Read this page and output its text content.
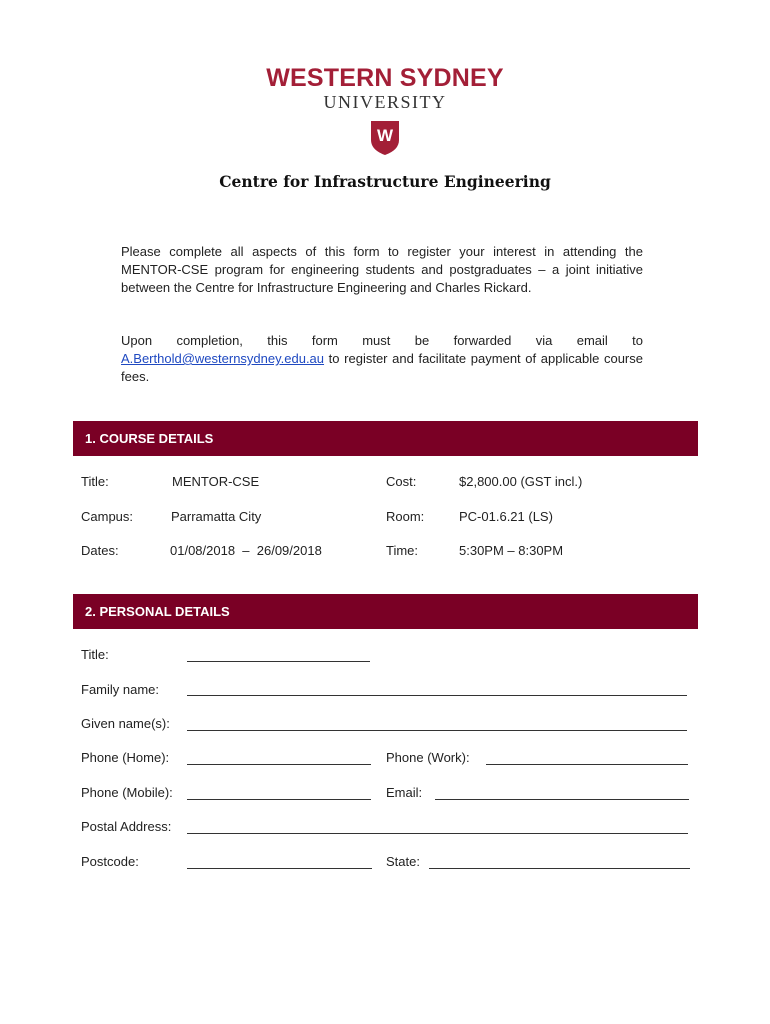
WESTERN SYDNEY
UNIVERSITY
W
Centre for Infrastructure Engineering
Please complete all aspects of this form to register your interest in attending the MENTOR-CSE program for engineering students and postgraduates – a joint initiative between the Centre for Infrastructure Engineering and Charles Rickard.
Upon completion, this form must be forwarded via email to A.Berthold@westernsydney.edu.au to register and facilitate payment of applicable course fees.
1. COURSE DETAILS
Title:	MENTOR-CSE	Cost:	$2,800.00 (GST incl.)
Campus:	Parramatta City	Room:	PC-01.6.21 (LS)
Dates:	01/08/2018  –  26/09/2018	Time:	5:30PM – 8:30PM
2. PERSONAL DETAILS
Title:
Family name:
Given name(s):
Phone (Home):	Phone (Work):
Phone (Mobile):	Email:
Postal Address:
Postcode:	State:
